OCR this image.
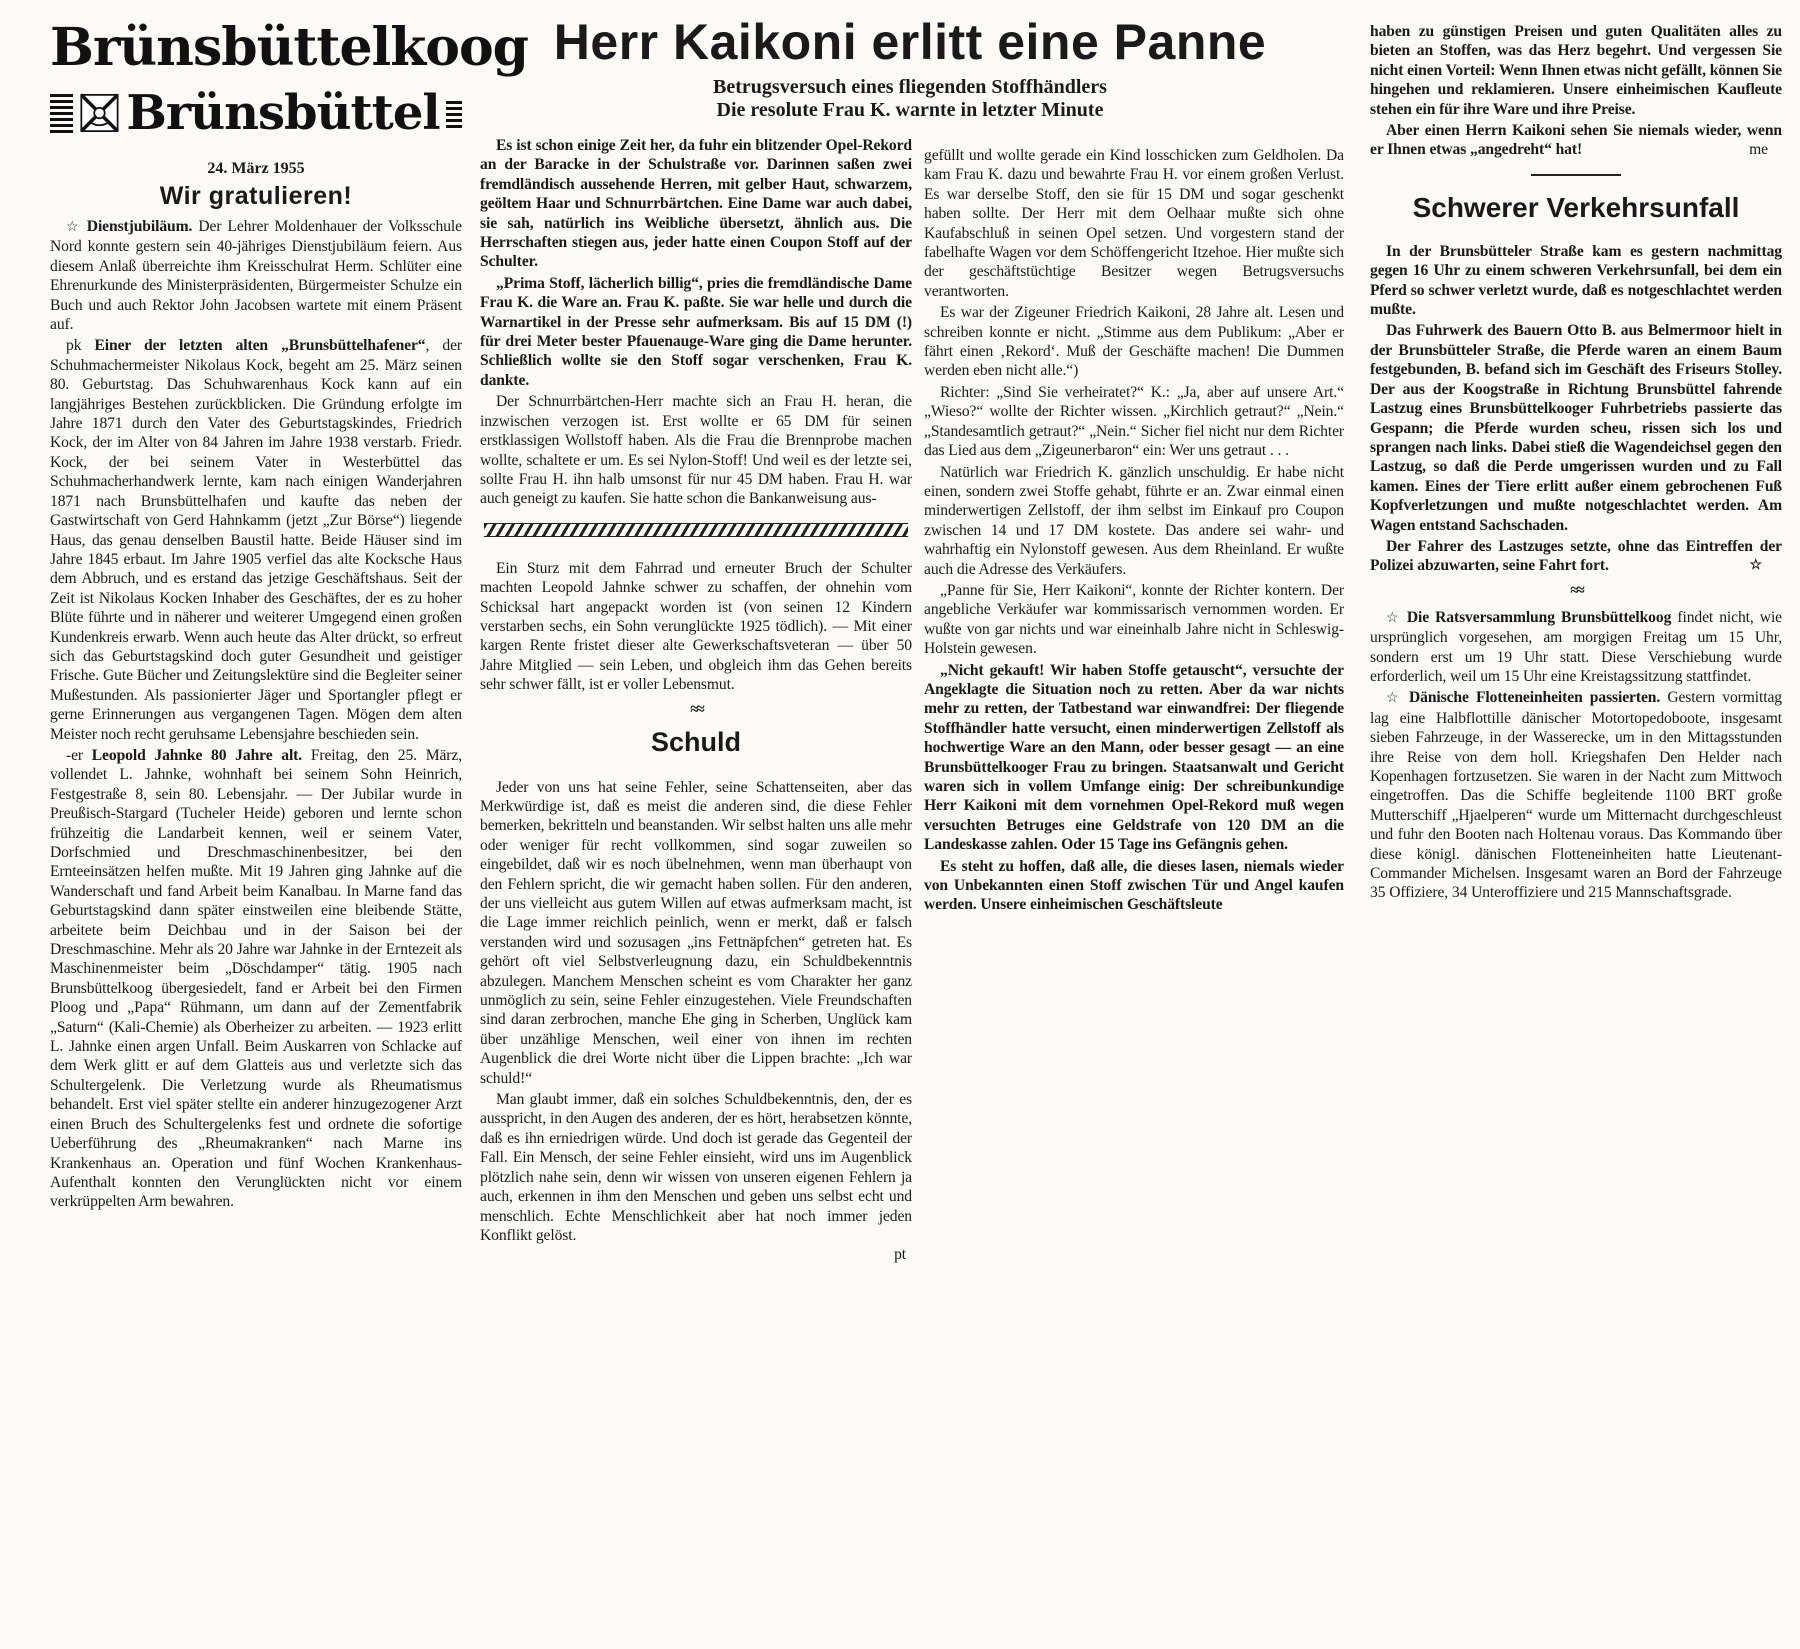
Brünsbüttelkoog
Brünsbüttel
24. März 1955
Wir gratulieren!

☆ Dienstjubiläum. Der Lehrer Moldenhauer der Volksschule Nord konnte gestern sein 40-jähriges Dienstjubiläum feiern. Aus diesem Anlaß überreichte ihm Kreisschulrat Herm. Schlüter eine Ehrenurkunde des Ministerpräsidenten, Bürgermeister Schulze ein Buch und auch Rektor John Jacobsen wartete mit einem Präsent auf.

pk Einer der letzten alten „Brunsbüttelhafener“, der Schuhmachermeister Nikolaus Kock, begeht am 25. März seinen 80. Geburtstag. Das Schuhwarenhaus Kock kann auf ein langjähriges Bestehen zurückblicken. Die Gründung erfolgte im Jahre 1871 durch den Vater des Geburtstagskindes, Friedrich Kock, der im Alter von 84 Jahren im Jahre 1938 verstarb. Friedr. Kock, der bei seinem Vater in Westerbüttel das Schuhmacherhandwerk lernte, kam nach einigen Wanderjahren 1871 nach Brunsbüttelhafen und kaufte das neben der Gastwirtschaft von Gerd Hahnkamm (jetzt „Zur Börse“) liegende Haus, das genau denselben Baustil hatte. Beide Häuser sind im Jahre 1845 erbaut. Im Jahre 1905 verfiel das alte Kocksche Haus dem Abbruch, und es erstand das jetzige Geschäftshaus. Seit der Zeit ist Nikolaus Kocken Inhaber des Geschäftes, der es zu hoher Blüte führte und in näherer und weiterer Umgegend einen großen Kundenkreis erwarb. Wenn auch heute das Alter drückt, so erfreut sich das Geburtstagskind doch guter Gesundheit und geistiger Frische. Gute Bücher und Zeitungslektüre sind die Begleiter seiner Mußestunden. Als passionierter Jäger und Sportangler pflegt er gerne Erinnerungen aus vergangenen Tagen. Mögen dem alten Meister noch recht geruhsame Lebensjahre beschieden sein.

-er Leopold Jahnke 80 Jahre alt. Freitag, den 25. März, vollendet L. Jahnke, wohnhaft bei seinem Sohn Heinrich, Festgestraße 8, sein 80. Lebensjahr. — Der Jubilar wurde in Preußisch-Stargard (Tucheler Heide) geboren und lernte schon frühzeitig die Landarbeit kennen, weil er seinem Vater, Dorfschmied und Dreschmaschinenbesitzer, bei den Ernteeinsätzen helfen mußte. Mit 19 Jahren ging Jahnke auf die Wanderschaft und fand Arbeit beim Kanalbau. In Marne fand das Geburtstagskind dann später einstweilen eine bleibende Stätte, arbeitete beim Deichbau und in der Saison bei der Dreschmaschine. Mehr als 20 Jahre war Jahnke in der Erntezeit als Maschinenmeister beim „Döschdamper“ tätig. 1905 nach Brunsbüttelkoog übergesiedelt, fand er Arbeit bei den Firmen Ploog und „Papa“ Rühmann, um dann auf der Zementfabrik „Saturn“ (Kali-Chemie) als Oberheizer zu arbeiten. — 1923 erlitt L. Jahnke einen argen Unfall. Beim Auskarren von Schlacke auf dem Werk glitt er auf dem Glatteis aus und verletzte sich das Schultergelenk. Die Verletzung wurde als Rheumatismus behandelt. Erst viel später stellte ein anderer hinzugezogener Arzt einen Bruch des Schultergelenks fest und ordnete die sofortige Ueberführung des „Rheumakranken“ nach Marne ins Krankenhaus an. Operation und fünf Wochen Krankenhaus-Aufenthalt konnten den Verunglückten nicht vor einem verkrüppelten Arm bewahren.

Herr Kaikoni erlitt eine Panne
Betrugsversuch eines fliegenden Stoffhändlers
Die resolute Frau K. warnte in letzter Minute

Es ist schon einige Zeit her, da fuhr ein blitzender Opel-Rekord an der Baracke in der Schulstraße vor. Darinnen saßen zwei fremdländisch aussehende Herren, mit gelber Haut, schwarzem, geöltem Haar und Schnurrbärtchen. Eine Dame war auch dabei, sie sah, natürlich ins Weibliche übersetzt, ähnlich aus. Die Herrschaften stiegen aus, jeder hatte einen Coupon Stoff auf der Schulter.

„Prima Stoff, lächerlich billig“, pries die fremdländische Dame Frau K. die Ware an. Frau K. paßte. Sie war helle und durch die Warnartikel in der Presse sehr aufmerksam. Bis auf 15 DM (!) für drei Meter bester Pfauenauge-Ware ging die Dame herunter. Schließlich wollte sie den Stoff sogar verschenken, Frau K. dankte.

Der Schnurrbärtchen-Herr machte sich an Frau H. heran, die inzwischen verzogen ist. Erst wollte er 65 DM für seinen erstklassigen Wollstoff haben. Als die Frau die Brennprobe machen wollte, schaltete er um. Es sei Nylon-Stoff! Und weil es der letzte sei, sollte Frau H. ihn halb umsonst für nur 45 DM haben. Frau H. war auch geneigt zu kaufen. Sie hatte schon die Bankanweisung aus-

Ein Sturz mit dem Fahrrad und erneuter Bruch der Schulter machten Leopold Jahnke schwer zu schaffen, der ohnehin vom Schicksal hart angepackt worden ist (von seinen 12 Kindern verstarben sechs, ein Sohn verunglückte 1925 tödlich). — Mit einer kargen Rente fristet dieser alte Gewerkschaftsveteran — über 50 Jahre Mitglied — sein Leben, und obgleich ihm das Gehen bereits sehr schwer fällt, ist er voller Lebensmut.

≈≈
Schuld

Jeder von uns hat seine Fehler, seine Schattenseiten, aber das Merkwürdige ist, daß es meist die anderen sind, die diese Fehler bemerken, bekritteln und beanstanden. Wir selbst halten uns alle mehr oder weniger für recht vollkommen, sind sogar zuweilen so eingebildet, daß wir es noch übelnehmen, wenn man überhaupt von den Fehlern spricht, die wir gemacht haben sollen. Für den anderen, der uns vielleicht aus gutem Willen auf etwas aufmerksam macht, ist die Lage immer reichlich peinlich, wenn er merkt, daß er falsch verstanden wird und sozusagen „ins Fettnäpfchen“ getreten hat. Es gehört oft viel Selbstverleugnung dazu, ein Schuldbekenntnis abzulegen. Manchem Menschen scheint es vom Charakter her ganz unmöglich zu sein, seine Fehler einzugestehen. Viele Freundschaften sind daran zerbrochen, manche Ehe ging in Scherben, Unglück kam über unzählige Menschen, weil einer von ihnen im rechten Augenblick die drei Worte nicht über die Lippen brachte: „Ich war schuld!“

Man glaubt immer, daß ein solches Schuldbekenntnis, den, der es ausspricht, in den Augen des anderen, der es hört, herabsetzen könnte, daß es ihn erniedrigen würde. Und doch ist gerade das Gegenteil der Fall. Ein Mensch, der seine Fehler einsieht, wird uns im Augenblick plötzlich nahe sein, denn wir wissen von unseren eigenen Fehlern ja auch, erkennen in ihm den Menschen und geben uns selbst echt und menschlich. Echte Menschlichkeit aber hat noch immer jeden Konflikt gelöst.
pt

gefüllt und wollte gerade ein Kind losschicken zum Geldholen. Da kam Frau K. dazu und bewahrte Frau H. vor einem großen Verlust. Es war derselbe Stoff, den sie für 15 DM und sogar geschenkt haben sollte. Der Herr mit dem Oelhaar mußte sich ohne Kaufabschluß in seinen Opel setzen. Und vorgestern stand der fabelhafte Wagen vor dem Schöffengericht Itzehoe. Hier mußte sich der geschäftstüchtige Besitzer wegen Betrugsversuchs verantworten.

Es war der Zigeuner Friedrich Kaikoni, 28 Jahre alt. Lesen und schreiben konnte er nicht. „Stimme aus dem Publikum: „Aber er fährt einen ‚Rekord‘. Muß der Geschäfte machen! Die Dummen werden eben nicht alle.“)

Richter: „Sind Sie verheiratet?“ K.: „Ja, aber auf unsere Art.“ „Wieso?“ wollte der Richter wissen. „Kirchlich getraut?“ „Nein.“ „Standesamtlich getraut?“ „Nein.“ Sicher fiel nicht nur dem Richter das Lied aus dem „Zigeunerbaron“ ein: Wer uns getraut . . .

Natürlich war Friedrich K. gänzlich unschuldig. Er habe nicht einen, sondern zwei Stoffe gehabt, führte er an. Zwar einmal einen minderwertigen Zellstoff, der ihm selbst im Einkauf pro Coupon zwischen 14 und 17 DM kostete. Das andere sei wahr- und wahrhaftig ein Nylonstoff gewesen. Aus dem Rheinland. Er wußte auch die Adresse des Verkäufers.

„Panne für Sie, Herr Kaikoni“, konnte der Richter kontern. Der angebliche Verkäufer war kommissarisch vernommen worden. Er wußte von gar nichts und war eineinhalb Jahre nicht in Schleswig-Holstein gewesen.

„Nicht gekauft! Wir haben Stoffe getauscht“, versuchte der Angeklagte die Situation noch zu retten. Aber da war nichts mehr zu retten, der Tatbestand war einwandfrei: Der fliegende Stoffhändler hatte versucht, einen minderwertigen Zellstoff als hochwertige Ware an den Mann, oder besser gesagt — an eine Brunsbüttelkooger Frau zu bringen. Staatsanwalt und Gericht waren sich in vollem Umfange einig: Der schreibunkundige Herr Kaikoni mit dem vornehmen Opel-Rekord muß wegen versuchten Betruges eine Geldstrafe von 120 DM an die Landeskasse zahlen. Oder 15 Tage ins Gefängnis gehen.

Es steht zu hoffen, daß alle, die dieses lasen, niemals wieder von Unbekannten einen Stoff zwischen Tür und Angel kaufen werden. Unsere einheimischen Geschäftsleute

haben zu günstigen Preisen und guten Qualitäten alles zu bieten an Stoffen, was das Herz begehrt. Und vergessen Sie nicht einen Vorteil: Wenn Ihnen etwas nicht gefällt, können Sie hingehen und reklamieren. Unsere einheimischen Kaufleute stehen ein für ihre Ware und ihre Preise.

Aber einen Herrn Kaikoni sehen Sie niemals wieder, wenn er Ihnen etwas „angedreht“ hat!	me

Schwerer Verkehrsunfall

In der Brunsbütteler Straße kam es gestern nachmittag gegen 16 Uhr zu einem schweren Verkehrsunfall, bei dem ein Pferd so schwer verletzt wurde, daß es notgeschlachtet werden mußte.

Das Fuhrwerk des Bauern Otto B. aus Belmermoor hielt in der Brunsbütteler Straße, die Pferde waren an einem Baum festgebunden, B. befand sich im Geschäft des Friseurs Stolley. Der aus der Koogstraße in Richtung Brunsbüttel fahrende Lastzug eines Brunsbüttelkooger Fuhrbetriebs passierte das Gespann; die Pferde wurden scheu, rissen sich los und sprangen nach links. Dabei stieß die Wagendeichsel gegen den Lastzug, so daß die Perde umgerissen wurden und zu Fall kamen. Eines der Tiere erlitt außer einem gebrochenen Fuß Kopfverletzungen und mußte notgeschlachtet werden. Am Wagen entstand Sachschaden.

Der Fahrer des Lastzuges setzte, ohne das Eintreffen der Polizei abzuwarten, seine Fahrt fort.	☆

≈≈

☆ Die Ratsversammlung Brunsbüttelkoog findet nicht, wie ursprünglich vorgesehen, am morgigen Freitag um 15 Uhr, sondern erst um 19 Uhr statt. Diese Verschiebung wurde erforderlich, weil um 15 Uhr eine Kreistagssitzung stattfindet.

☆ Dänische Flotteneinheiten passierten. Gestern vormittag lag eine Halbflottille dänischer Motortopedoboote, insgesamt sieben Fahrzeuge, in der Wasserecke, um in den Mittagsstunden ihre Reise von dem holl. Kriegshafen Den Helder nach Kopenhagen fortzusetzen. Sie waren in der Nacht zum Mittwoch eingetroffen. Das die Schiffe begleitende 1100 BRT große Mutterschiff „Hjaelperen“ wurde um Mitternacht durchgeschleust und fuhr den Booten nach Holtenau voraus. Das Kommando über diese königl. dänischen Flotteneinheiten hatte Lieutenant-Commander Michelsen. Insgesamt waren an Bord der Fahrzeuge 35 Offiziere, 34 Unteroffiziere und 215 Mannschaftsgrade.
